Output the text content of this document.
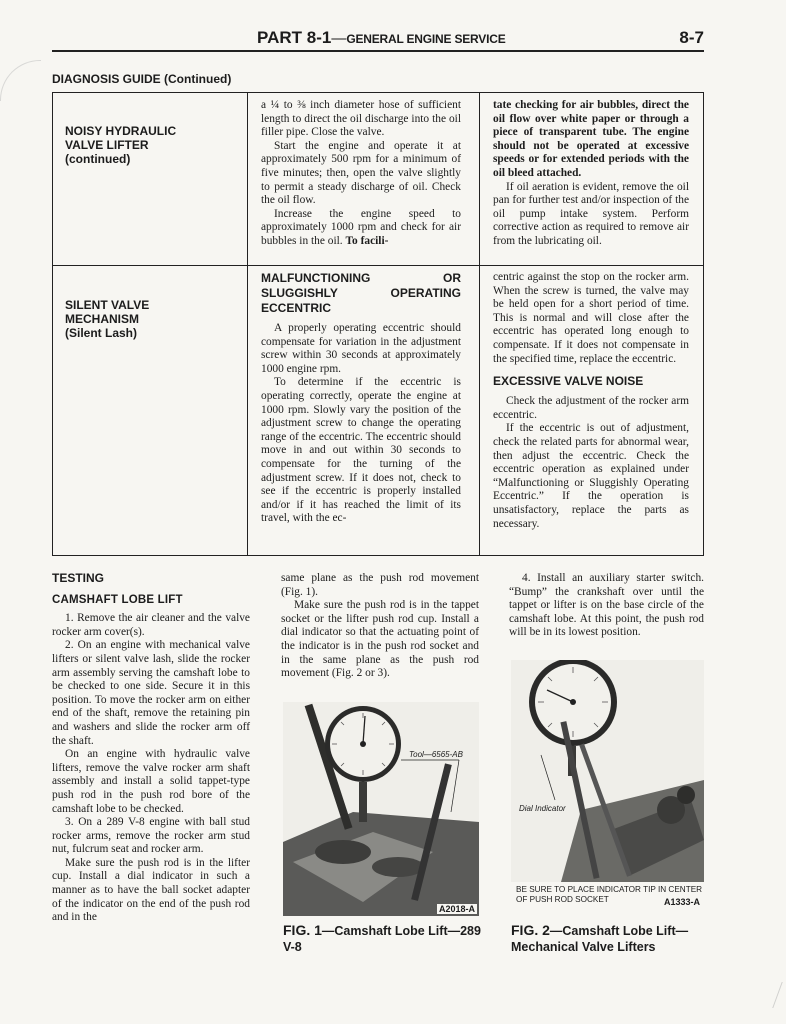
PART 8-1—GENERAL ENGINE SERVICE	8-7
DIAGNOSIS GUIDE (Continued)
NOISY HYDRAULIC
VALVE LIFTER
(continued)

a ¼ to ⅜ inch diameter hose of sufficient length to direct the oil discharge into the oil filler pipe. Close the valve.

Start the engine and operate it at approximately 500 rpm for a minimum of five minutes; then, open the valve slightly to permit a steady discharge of oil. Check the oil flow.

Increase the engine speed to approximately 1000 rpm and check for air bubbles in the oil. To facili-

tate checking for air bubbles, direct the oil flow over white paper or through a piece of transparent tube. The engine should not be operated at excessive speeds or for extended periods with the oil bleed attached.

If oil aeration is evident, remove the oil pan for further test and/or inspection of the oil pump intake system. Perform corrective action as required to remove air from the lubricating oil.

SILENT VALVE
MECHANISM
(Silent Lash)
MALFUNCTIONING OR SLUGGISHLY OPERATING ECCENTRIC

A properly operating eccentric should compensate for variation in the adjustment screw within 30 seconds at approximately 1000 engine rpm.

To determine if the eccentric is operating correctly, operate the engine at 1000 rpm. Slowly vary the position of the adjustment screw to change the operating range of the eccentric. The eccentric should move in and out within 30 seconds to compensate for the turning of the adjustment screw. If it does not, check to see if the eccentric is properly installed and/or if it has reached the limit of its travel, with the ec-

centric against the stop on the rocker arm. When the screw is turned, the valve may be held open for a short period of time. This is normal and will close after the eccentric has operated long enough to compensate. If it does not compensate in the specified time, replace the eccentric.

EXCESSIVE VALVE NOISE

Check the adjustment of the rocker arm eccentric.

If the eccentric is out of adjustment, check the related parts for abnormal wear, then adjust the eccentric. Check the eccentric operation as explained under “Malfunctioning or Sluggishly Operating Eccentric.” If the operation is unsatisfactory, replace the parts as necessary.

TESTING
CAMSHAFT LOBE LIFT

1. Remove the air cleaner and the valve rocker arm cover(s).

2. On an engine with mechanical valve lifters or silent valve lash, slide the rocker arm assembly serving the camshaft lobe to be checked to one side. Secure it in this position. To move the rocker arm on either end of the shaft, remove the retaining pin and washers and slide the rocker arm off the shaft.

On an engine with hydraulic valve lifters, remove the valve rocker arm shaft assembly and install a solid tappet-type push rod in the push rod bore of the camshaft lobe to be checked.

3. On a 289 V-8 engine with ball stud rocker arms, remove the rocker arm stud nut, fulcrum seat and rocker arm.

Make sure the push rod is in the lifter cup. Install a dial indicator in such a manner as to have the ball socket adapter of the indicator on the end of the push rod and in the

same plane as the push rod movement (Fig. 1).

Make sure the push rod is in the tappet socket or the lifter push rod cup. Install a dial indicator so that the actuating point of the indicator is in the push rod socket and in the same plane as the push rod movement (Fig. 2 or 3).

4. Install an auxiliary starter switch. “Bump” the crankshaft over until the tappet or lifter is on the base circle of the camshaft lobe. At this point, the push rod will be in its lowest position.

Tool—6565-AB
A2018-A
FIG. 1—Camshaft Lobe Lift—289 V-8
Dial Indicator
BE SURE TO PLACE INDICATOR TIP IN CENTER OF PUSH ROD SOCKET	A1333-A
FIG. 2—Camshaft Lobe Lift—Mechanical Valve Lifters
